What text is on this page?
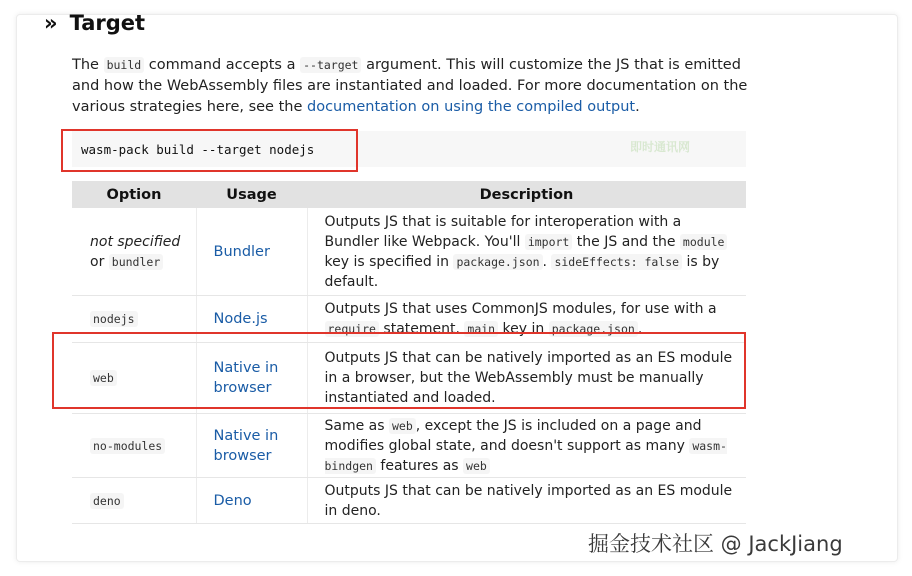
» Target

The build command accepts a --target argument. This will customize the JS that is emitted and how the WebAssembly files are instantiated and loaded. For more documentation on the various strategies here, see the documentation on using the compiled output.

wasm-pack build --target nodejs	即时通讯网
Option	Usage	Description
not specified
or bundler	Bundler	Outputs JS that is suitable for interoperation with a Bundler like Webpack. You'll import the JS and the module key is specified in package.json . sideEffects: false is by default.
nodejs	Node.js	Outputs JS that uses CommonJS modules, for use with a require statement. main key in package.json .
web	Native in browser	Outputs JS that can be natively imported as an ES module in a browser, but the WebAssembly must be manually instantiated and loaded.
no-modules	Native in browser	Same as web , except the JS is included on a page and modifies global state, and doesn't support as many wasm-bindgen features as web
deno	Deno	Outputs JS that can be natively imported as an ES module in deno.
掘金技术社区 @ JackJiang
